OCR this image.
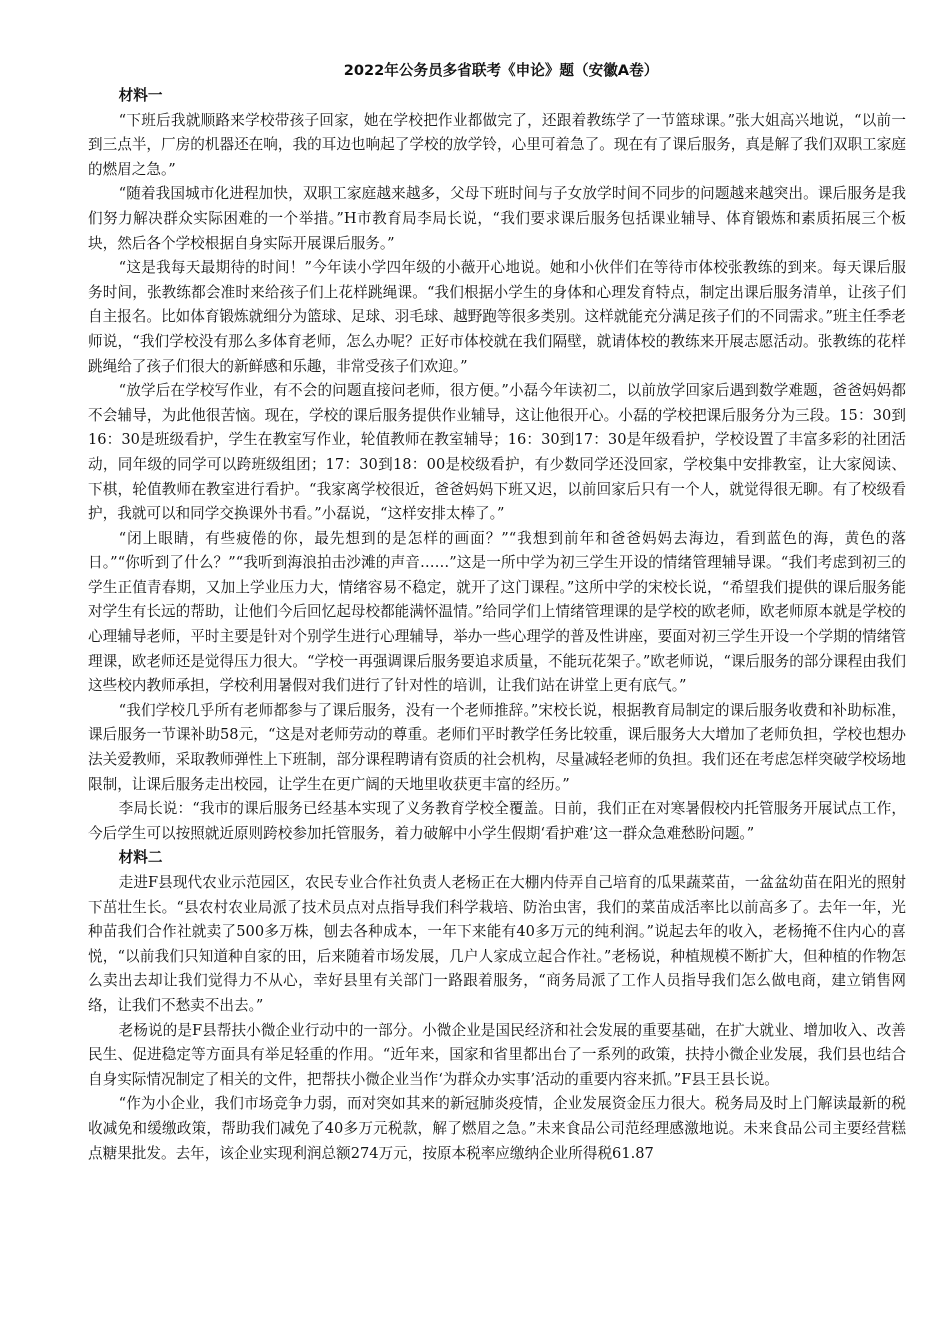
2022年公务员多省联考《申论》题（安徽A卷）

材料一

“下班后我就顺路来学校带孩子回家，她在学校把作业都做完了，还跟着教练学了一节篮球课。”张大姐高兴地说，“以前一到三点半，厂房的机器还在响，我的耳边也响起了学校的放学铃，心里可着急了。现在有了课后服务，真是解了我们双职工家庭的燃眉之急。”

“随着我国城市化进程加快，双职工家庭越来越多，父母下班时间与子女放学时间不同步的问题越来越突出。课后服务是我们努力解决群众实际困难的一个举措。”H市教育局李局长说，“我们要求课后服务包括课业辅导、体育锻炼和素质拓展三个板块，然后各个学校根据自身实际开展课后服务。”

“这是我每天最期待的时间！”今年读小学四年级的小薇开心地说。她和小伙伴们在等待市体校张教练的到来。每天课后服务时间，张教练都会准时来给孩子们上花样跳绳课。“我们根据小学生的身体和心理发育特点，制定出课后服务清单，让孩子们自主报名。比如体育锻炼就细分为篮球、足球、羽毛球、越野跑等很多类别。这样就能充分满足孩子们的不同需求。”班主任季老师说，“我们学校没有那么多体育老师，怎么办呢？正好市体校就在我们隔壁，就请体校的教练来开展志愿活动。张教练的花样跳绳给了孩子们很大的新鲜感和乐趣，非常受孩子们欢迎。”

“放学后在学校写作业，有不会的问题直接问老师，很方便。”小磊今年读初二，以前放学回家后遇到数学难题，爸爸妈妈都不会辅导，为此他很苦恼。现在，学校的课后服务提供作业辅导，这让他很开心。小磊的学校把课后服务分为三段。15：30到16：30是班级看护，学生在教室写作业，轮值教师在教室辅导；16：30到17：30是年级看护，学校设置了丰富多彩的社团活动，同年级的同学可以跨班级组团；17：30到18：00是校级看护，有少数同学还没回家，学校集中安排教室，让大家阅读、下棋，轮值教师在教室进行看护。“我家离学校很近，爸爸妈妈下班又迟，以前回家后只有一个人，就觉得很无聊。有了校级看护，我就可以和同学交换课外书看。”小磊说，“这样安排太棒了。”

“闭上眼睛，有些疲倦的你，最先想到的是怎样的画面？”“我想到前年和爸爸妈妈去海边，看到蓝色的海，黄色的落日。”“你听到了什么？”“我听到海浪拍击沙滩的声音……”这是一所中学为初三学生开设的情绪管理辅导课。“我们考虑到初三的学生正值青春期，又加上学业压力大，情绪容易不稳定，就开了这门课程。”这所中学的宋校长说，“希望我们提供的课后服务能对学生有长远的帮助，让他们今后回忆起母校都能满怀温情。”给同学们上情绪管理课的是学校的欧老师，欧老师原本就是学校的心理辅导老师，平时主要是针对个别学生进行心理辅导，举办一些心理学的普及性讲座，要面对初三学生开设一个学期的情绪管理课，欧老师还是觉得压力很大。“学校一再强调课后服务要追求质量，不能玩花架子。”欧老师说，“课后服务的部分课程由我们这些校内教师承担，学校利用暑假对我们进行了针对性的培训，让我们站在讲堂上更有底气。”

“我们学校几乎所有老师都参与了课后服务，没有一个老师推辞。”宋校长说，根据教育局制定的课后服务收费和补助标准，课后服务一节课补助58元，“这是对老师劳动的尊重。老师们平时教学任务比较重，课后服务大大增加了老师负担，学校也想办法关爱教师，采取教师弹性上下班制，部分课程聘请有资质的社会机构，尽量减轻老师的负担。我们还在考虑怎样突破学校场地限制，让课后服务走出校园，让学生在更广阔的天地里收获更丰富的经历。”

李局长说：“我市的课后服务已经基本实现了义务教育学校全覆盖。日前，我们正在对寒暑假校内托管服务开展试点工作，今后学生可以按照就近原则跨校参加托管服务，着力破解中小学生假期‘看护难’这一群众急难愁盼问题。”

材料二

走进F县现代农业示范园区，农民专业合作社负责人老杨正在大棚内侍弄自己培育的瓜果蔬菜苗，一盆盆幼苗在阳光的照射下茁壮生长。“县农村农业局派了技术员点对点指导我们科学栽培、防治虫害，我们的菜苗成活率比以前高多了。去年一年，光种苗我们合作社就卖了500多万株，刨去各种成本，一年下来能有40多万元的纯利润。”说起去年的收入，老杨掩不住内心的喜悦，“以前我们只知道种自家的田，后来随着市场发展，几户人家成立起合作社。”老杨说，种植规模不断扩大，但种植的作物怎么卖出去却让我们觉得力不从心，幸好县里有关部门一路跟着服务，“商务局派了工作人员指导我们怎么做电商，建立销售网络，让我们不愁卖不出去。”

老杨说的是F县帮扶小微企业行动中的一部分。小微企业是国民经济和社会发展的重要基础，在扩大就业、增加收入、改善民生、促进稳定等方面具有举足轻重的作用。“近年来，国家和省里都出台了一系列的政策，扶持小微企业发展，我们县也结合自身实际情况制定了相关的文件，把帮扶小微企业当作‘为群众办实事’活动的重要内容来抓。”F县王县长说。

“作为小企业，我们市场竞争力弱，而对突如其来的新冠肺炎疫情，企业发展资金压力很大。税务局及时上门解读最新的税收减免和缓缴政策，帮助我们减免了40多万元税款，解了燃眉之急。”未来食品公司范经理感激地说。未来食品公司主要经营糕点糖果批发。去年，该企业实现利润总额274万元，按原本税率应缴纳企业所得税61.87
